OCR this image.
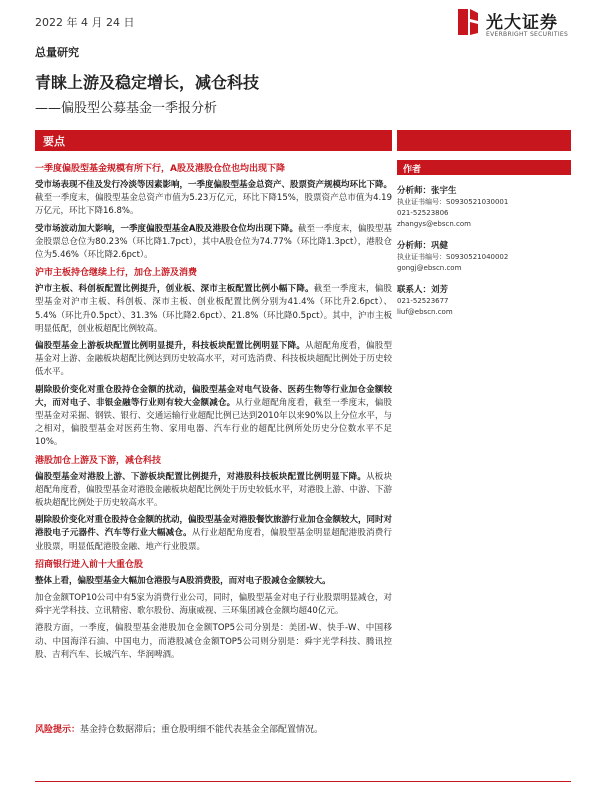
2022 年 4 月 24 日	光大证券
EVERBRIGHT SECURITIES
总量研究
青睐上游及稳定增长，减仓科技
——偏股型公募基金一季报分析
要点
一季度偏股型基金规模有所下行，A股及港股仓位也均出现下降
受市场表现不佳及发行冷淡等因素影响，一季度偏股型基金总资产、股票资产规模均环比下降。截至一季度末，偏股型基金总资产市值为5.23万亿元，环比下降15%，股票资产总市值为4.19万亿元，环比下降16.8%。
受市场波动加大影响，一季度偏股型基金A股及港股仓位均出现下降。截至一季度末，偏股型基金股票总仓位为80.23%（环比降1.7pct），其中A股仓位为74.77%（环比降1.3pct），港股仓位为5.46%（环比降2.6pct）。
沪市主板持仓继续上行，加仓上游及消费
沪市主板、科创板配置比例提升，创业板、深市主板配置比例小幅下降。截至一季度末，偏股型基金对沪市主板、科创板、深市主板、创业板配置比例分别为41.4%（环比升2.6pct）、5.4%（环比升0.5pct）、31.3%（环比降2.6pct）、21.8%（环比降0.5pct）。其中，沪市主板明显低配，创业板超配比例较高。
偏股型基金上游板块配置比例明显提升，科技板块配置比例明显下降。从超配角度看，偏股型基金对上游、金融板块超配比例达到历史较高水平，对可选消费、科技板块超配比例处于历史较低水平。
剔除股价变化对重仓股持仓金额的扰动，偏股型基金对电气设备、医药生物等行业加仓金额较大，而对电子、非银金融等行业则有较大金额减仓。从行业超配角度看，截至一季度末，偏股型基金对采掘、钢铁、银行、交通运输行业超配比例已达到2010年以来90%以上分位水平，与之相对，偏股型基金对医药生物、家用电器、汽车行业的超配比例所处历史分位数水平不足10%。
港股加仓上游及下游，减仓科技
偏股型基金对港股上游、下游板块配置比例提升，对港股科技板块配置比例明显下降。从板块超配角度看，偏股型基金对港股金融板块超配比例处于历史较低水平，对港股上游、中游、下游板块超配比例处于历史较高水平。
剔除股价变化对重仓股持仓金额的扰动，偏股型基金对港股餐饮旅游行业加仓金额较大，同时对港股电子元器件、汽车等行业大幅减仓。从行业超配角度看，偏股型基金明显超配港股消费行业股票，明显低配港股金融、地产行业股票。
招商银行进入前十大重仓股
整体上看，偏股型基金大幅加仓港股与A股消费股，而对电子股减仓金额较大。
加仓金额TOP10公司中有5家为消费行业公司，同时，偏股型基金对电子行业股票明显减仓，对舜宇光学科技、立讯精密、歌尔股份、海康威视、三环集团减仓金额均超40亿元。
港股方面，一季度，偏股型基金港股加仓金额TOP5公司分别是：美团-W、快手-W、中国移动、中国海洋石油、中国电力，而港股减仓金额TOP5公司则分别是：舜宇光学科技、腾讯控股、吉利汽车、长城汽车、华润啤酒。
作者
分析师：张宇生
执业证书编号：S0930521030001
021-52523806
zhangys@ebscn.com
分析师：巩健
执业证书编号：S0930521040002
gongj@ebscn.com
联系人：刘芳
021-52523677
liuf@ebscn.com
风险提示：基金持仓数据滞后；重仓股明细不能代表基金全部配置情况。
